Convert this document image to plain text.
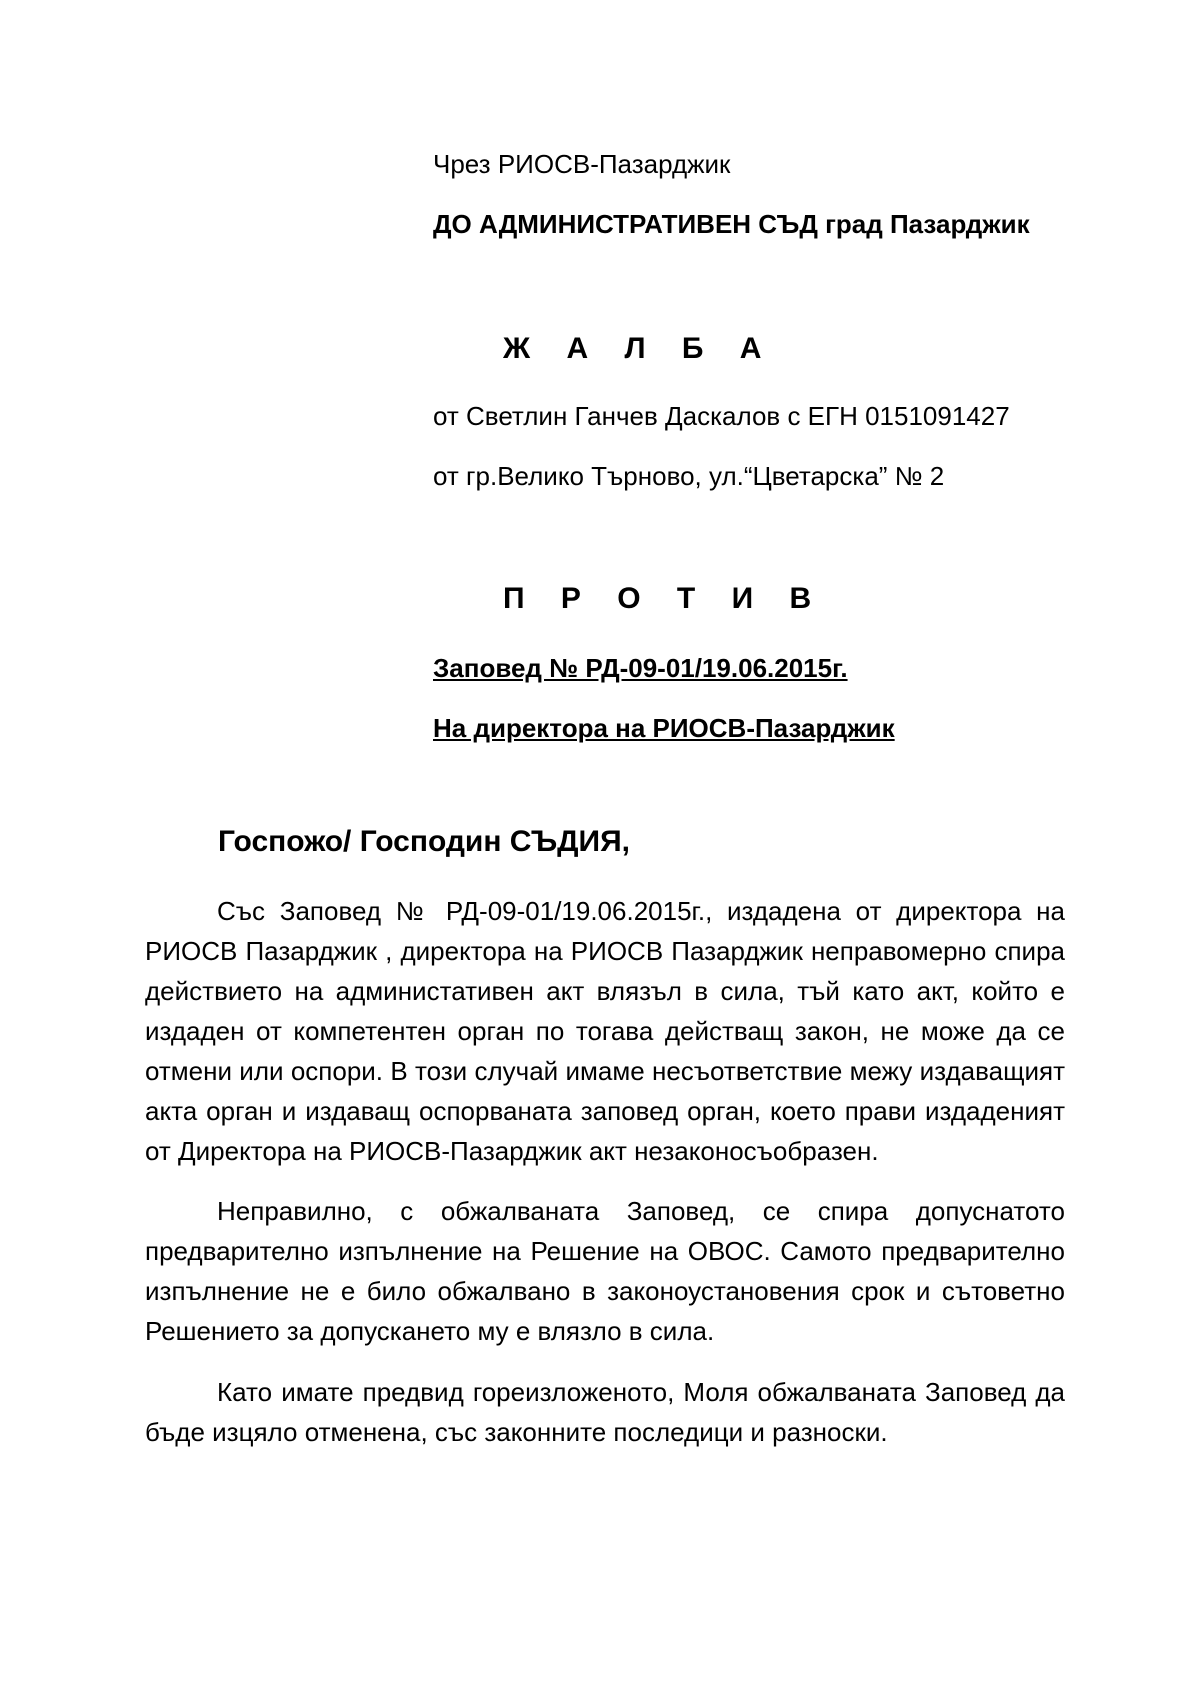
Чрез РИОСВ-Пазарджик
ДО АДМИНИСТРАТИВЕН СЪД град Пазарджик
Ж А Л Б А
от Светлин Ганчев Даскалов с ЕГН 0151091427
от гр.Велико Търново, ул.“Цветарска” № 2
П Р О Т И В
Заповед № РД-09-01/19.06.2015г.
На директора на РИОСВ-Пазарджик
Госпожо/ Господин СЪДИЯ,
Със Заповед № РД-09-01/19.06.2015г., издадена от директора на
РИОСВ Пазарджик , директора на РИОСВ Пазарджик неправомерно спира
действието на администативен акт влязъл в сила, тъй като акт, който е
издаден от компетентен орган по тогава действащ закон, не може да се
отмени или оспори. В този случай имаме несъответствие межу издаващият
акта орган и издаващ оспорваната заповед орган, което прави издаденият
от Директора на РИОСВ-Пазарджик акт незаконосъобразен.
Неправилно, с обжалваната Заповед, се спира допуснатото
предварително изпълнение на Решение на ОВОС. Самото предварително
изпълнение не е било обжалвано в законоустановения срок и сътоветно
Решението за допускането му е влязло в сила.
Като имате предвид гореизложеното, Моля обжалваната Заповед да
бъде изцяло отменена, със законните последици и разноски.
